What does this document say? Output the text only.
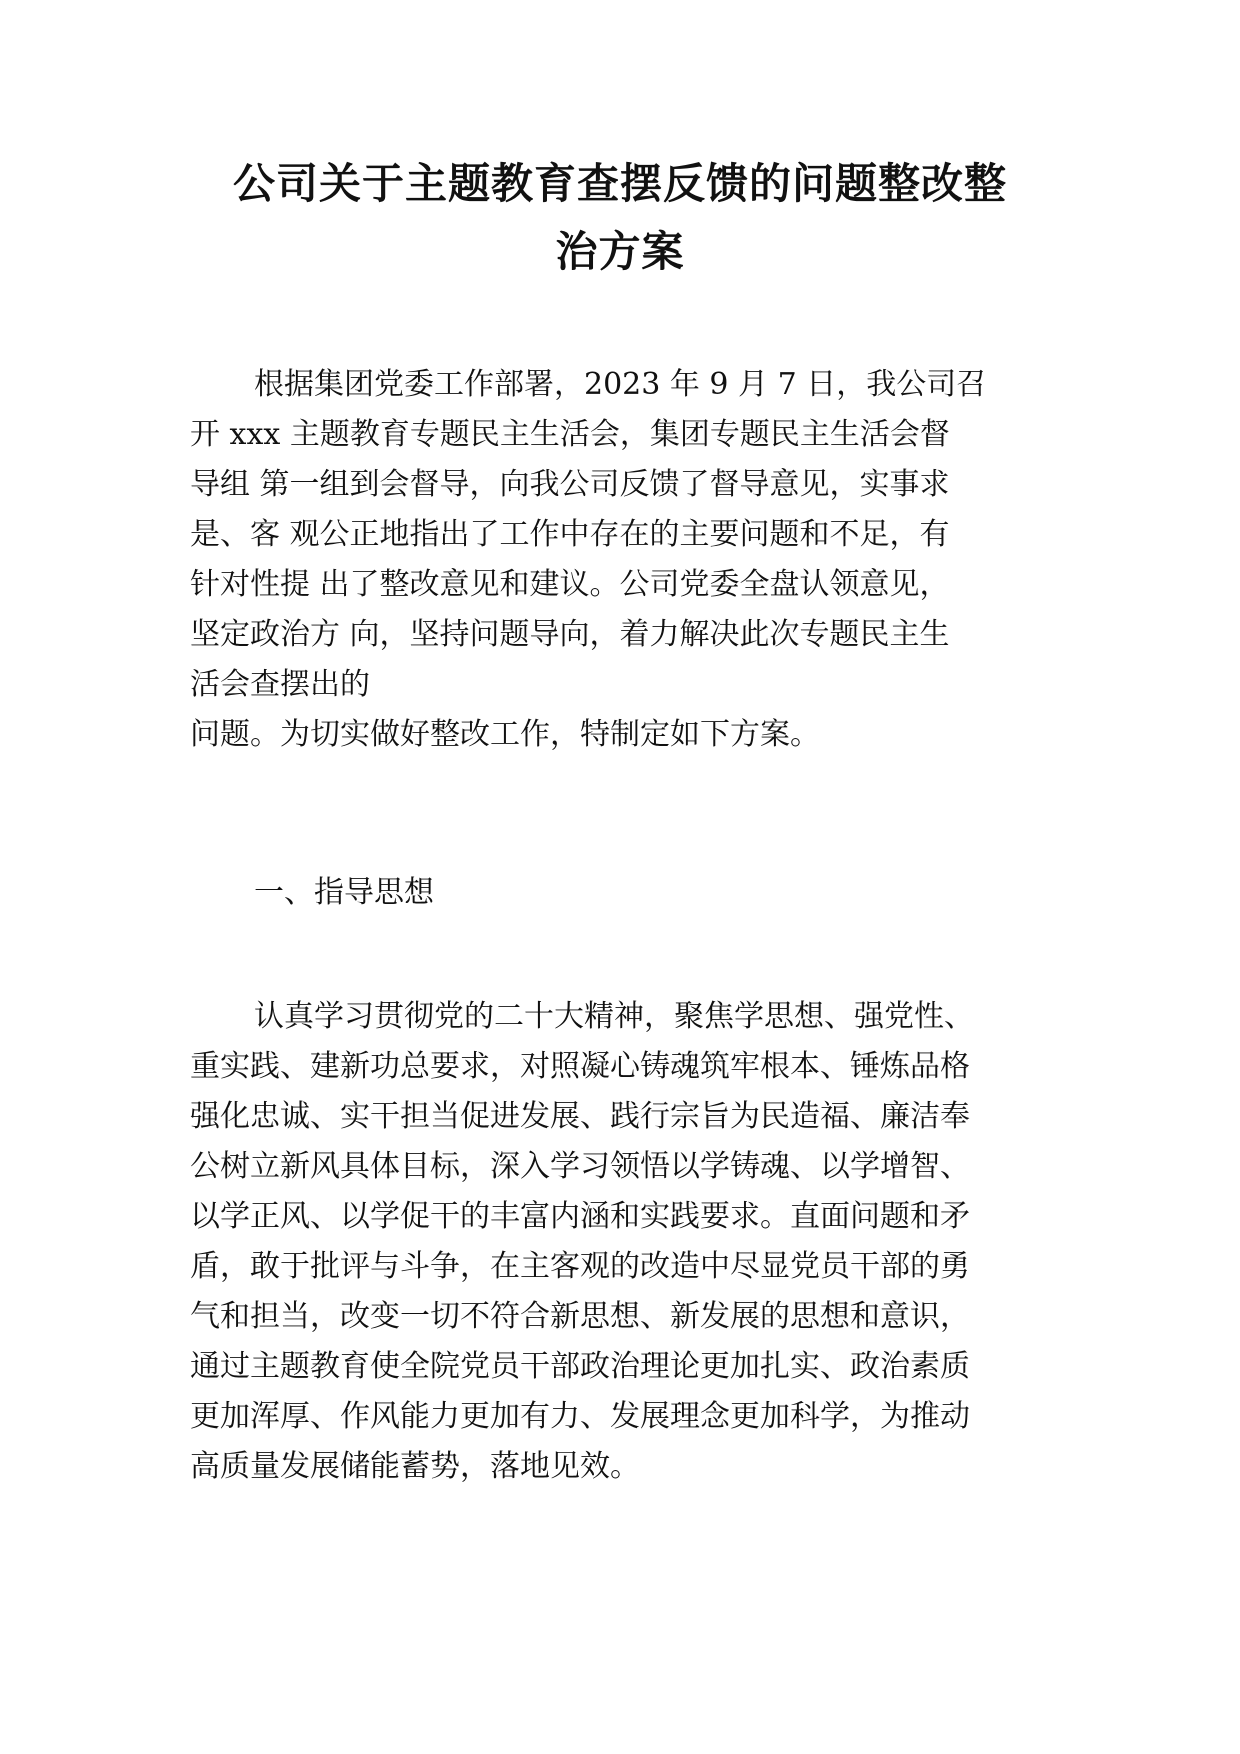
公司关于主题教育查摆反馈的问题整改整
治方案
根据集团党委工作部署，2023 年 9 月 7 日，我公司召
开 xxx 主题教育专题民主生活会，集团专题民主生活会督
导组 第一组到会督导，向我公司反馈了督导意见，实事求
是、客 观公正地指出了工作中存在的主要问题和不足，有
针对性提 出了整改意见和建议。公司党委全盘认领意见，
坚定政治方 向，坚持问题导向，着力解决此次专题民主生
活会查摆出的
问题。为切实做好整改工作，特制定如下方案。
一、指导思想
认真学习贯彻党的二十大精神，聚焦学思想、强党性、
重实践、建新功总要求，对照凝心铸魂筑牢根本、锤炼品格
强化忠诚、实干担当促进发展、践行宗旨为民造福、廉洁奉
公树立新风具体目标，深入学习领悟以学铸魂、以学增智、
以学正风、以学促干的丰富内涵和实践要求。直面问题和矛
盾，敢于批评与斗争，在主客观的改造中尽显党员干部的勇
气和担当，改变一切不符合新思想、新发展的思想和意识，
通过主题教育使全院党员干部政治理论更加扎实、政治素质
更加浑厚、作风能力更加有力、发展理念更加科学，为推动
高质量发展储能蓄势，落地见效。
